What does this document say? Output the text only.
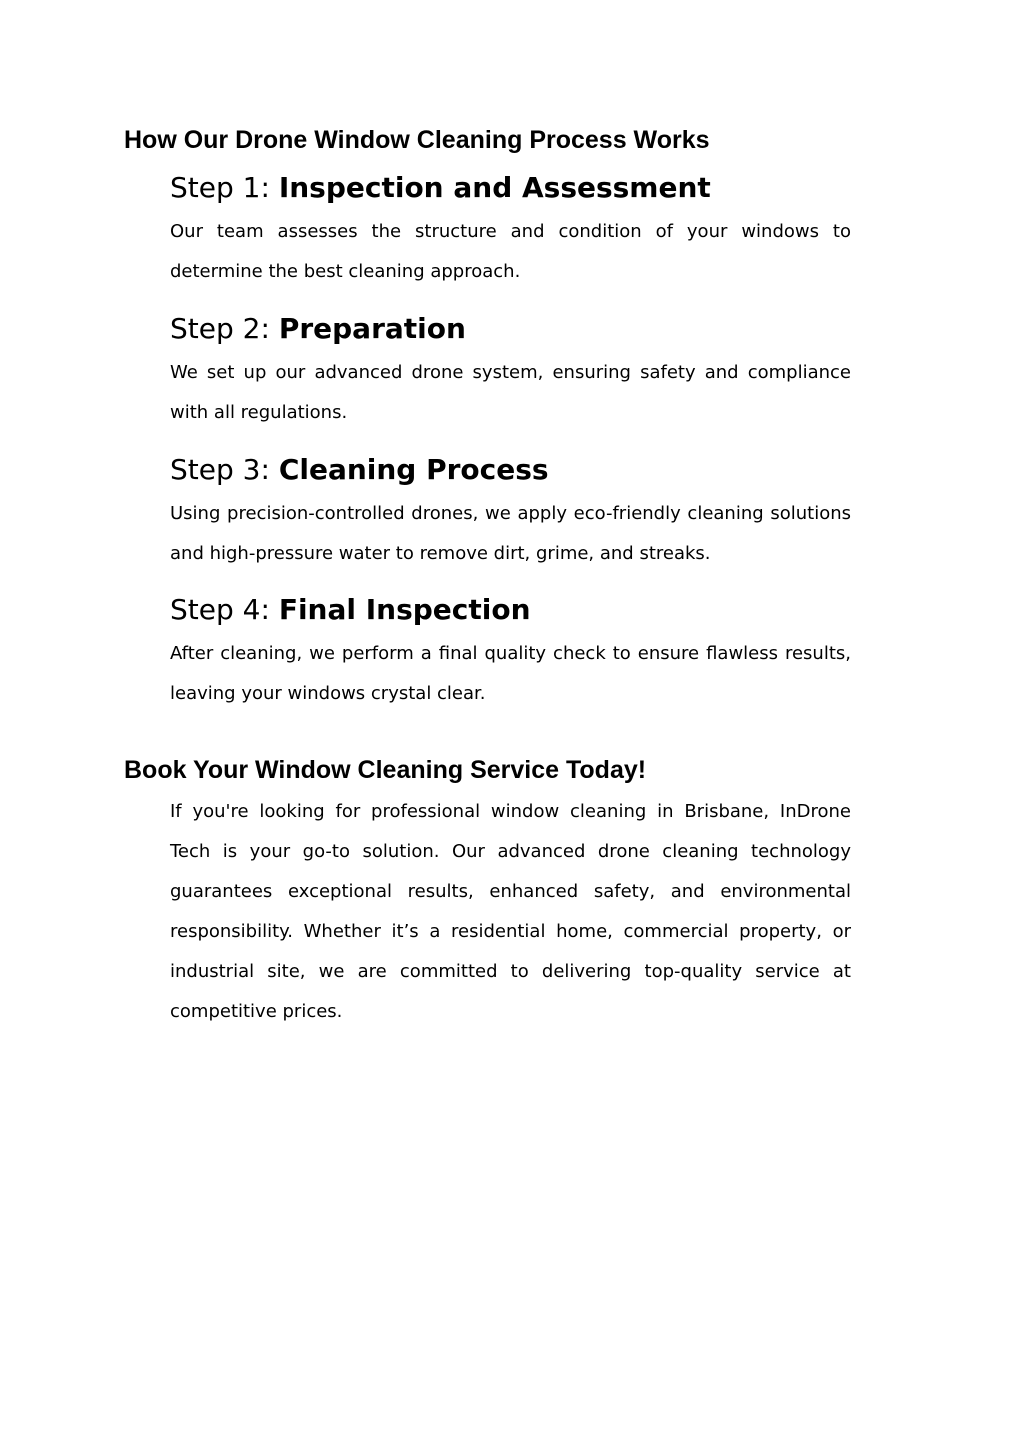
How Our Drone Window Cleaning Process Works
Step 1: Inspection and Assessment

Our team assesses the structure and condition of your windows to determine the best cleaning approach.

Step 2: Preparation

We set up our advanced drone system, ensuring safety and compliance with all regulations.

Step 3: Cleaning Process

Using precision-controlled drones, we apply eco-friendly cleaning solutions and high-pressure water to remove dirt, grime, and streaks.

Step 4: Final Inspection

After cleaning, we perform a final quality check to ensure flawless results, leaving your windows crystal clear.

Book Your Window Cleaning Service Today!

If you're looking for professional window cleaning in Brisbane, InDrone Tech is your go-to solution. Our advanced drone cleaning technology guarantees exceptional results, enhanced safety, and environmental responsibility. Whether it’s a residential home, commercial property, or industrial site, we are committed to delivering top-quality service at competitive prices.
